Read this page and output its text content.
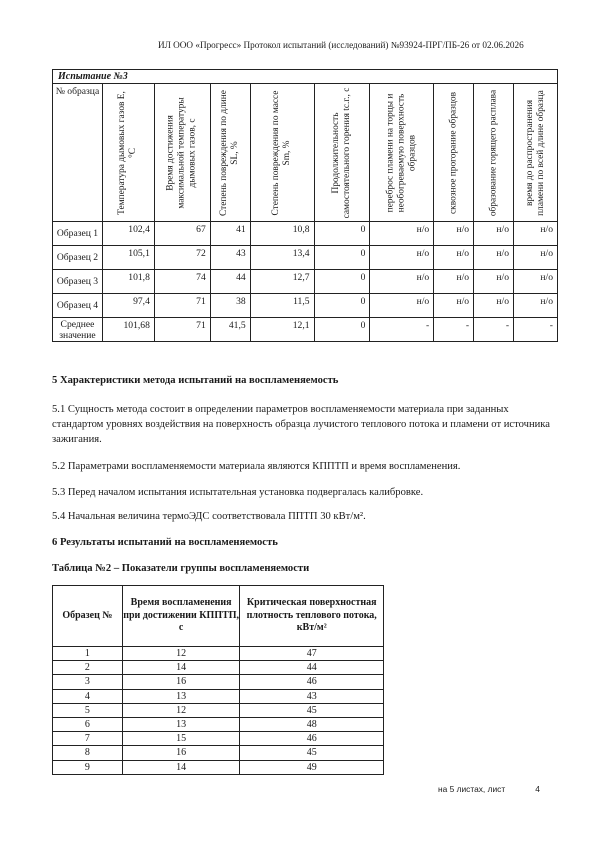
ИЛ ООО «Прогресс» Протокол испытаний (исследований) №93924-ПРГ/ПБ-26 от 02.06.2026
Испытание №3									
№ образца	Температура дымовых газов Е, °С	Время достижения максимальной температуры дымовых газов, с	Степень повреждения по длине SL, %	Степень повреждения по массе Sm, %	Продолжительность самостоятельного горения tс.г., с	переброс пламени на торцы и необогреваемую поверхность образцов	сквозное прогорание образцов	образование горящего расплава	время до распространения пламени по всей длине образца

Образец 1	102,4	67	41	10,8	0	н/о	н/о	н/о	н/о
Образец 2	105,1	72	43	13,4	0	н/о	н/о	н/о	н/о
Образец 3	101,8	74	44	12,7	0	н/о	н/о	н/о	н/о
Образец 4	97,4	71	38	11,5	0	н/о	н/о	н/о	н/о
Среднее значение	101,68	71	41,5	12,1	0	-	-	-	-
5 Характеристики метода испытаний на воспламеняемость
5.1 Сущность метода состоит в определении параметров воспламеняемости материала при заданных стандартом уровнях воздействия на поверхность образца лучистого теплового потока и пламени от источника зажигания.
5.2 Параметрами воспламеняемости материала являются КППТП и время воспламенения.
5.3 Перед началом испытания испытательная установка подвергалась калибровке.
5.4 Начальная величина термоЭДС соответствовала ППТП 30 кВт/м².
6 Результаты испытаний на воспламеняемость
Таблица №2 – Показатели группы воспламеняемости
Образец №	Время воспламенения при достижении КППТП, с	Критическая поверхностная плотность теплового потока, кВт/м²
1	12	47
2	14	44
3	16	46
4	13	43
5	12	45
6	13	48
7	15	46
8	16	45
9	14	49
на 5 листах, лист	4
